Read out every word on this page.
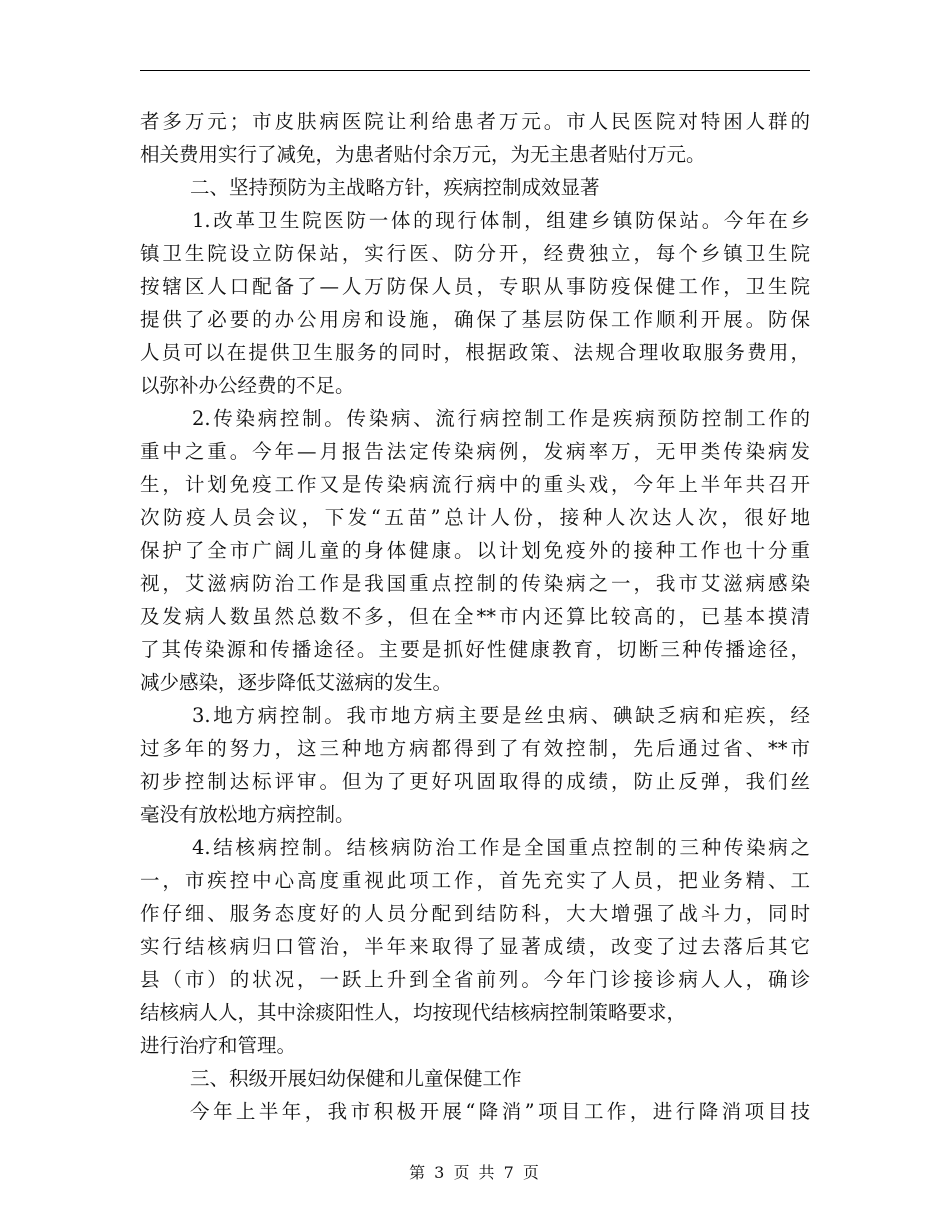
者多万元；市皮肤病医院让利给患者万元。市人民医院对特困人群的
相关费用实行了减免，为患者贴付余万元，为无主患者贴付万元。
二、坚持预防为主战略方针，疾病控制成效显著
1.改革卫生院医防一体的现行体制，组建乡镇防保站。今年在乡
镇卫生院设立防保站，实行医、防分开，经费独立，每个乡镇卫生院
按辖区人口配备了—人万防保人员，专职从事防疫保健工作，卫生院
提供了必要的办公用房和设施，确保了基层防保工作顺利开展。防保
人员可以在提供卫生服务的同时，根据政策、法规合理收取服务费用，
以弥补办公经费的不足。
2.传染病控制。传染病、流行病控制工作是疾病预防控制工作的
重中之重。今年—月报告法定传染病例，发病率万，无甲类传染病发
生，计划免疫工作又是传染病流行病中的重头戏，今年上半年共召开
次防疫人员会议，下发“五苗”总计人份，接种人次达人次，很好地
保护了全市广阔儿童的身体健康。以计划免疫外的接种工作也十分重
视，艾滋病防治工作是我国重点控制的传染病之一，我市艾滋病感染
及发病人数虽然总数不多，但在全**市内还算比较高的，已基本摸清
了其传染源和传播途径。主要是抓好性健康教育，切断三种传播途径，
减少感染，逐步降低艾滋病的发生。
3.地方病控制。我市地方病主要是丝虫病、碘缺乏病和疟疾，经
过多年的努力，这三种地方病都得到了有效控制，先后通过省、**市
初步控制达标评审。但为了更好巩固取得的成绩，防止反弹，我们丝
毫没有放松地方病控制。
4.结核病控制。结核病防治工作是全国重点控制的三种传染病之
一，市疾控中心高度重视此项工作，首先充实了人员，把业务精、工
作仔细、服务态度好的人员分配到结防科，大大增强了战斗力，同时
实行结核病归口管治，半年来取得了显著成绩，改变了过去落后其它
县（市）的状况，一跃上升到全省前列。今年门诊接诊病人人，确诊
结核病人人，其中涂痰阳性人，均按现代结核病控制策略要求，
进行治疗和管理。
三、积级开展妇幼保健和儿童保健工作
今年上半年，我市积极开展“降消”项目工作，进行降消项目技
第 3 页 共 7 页
